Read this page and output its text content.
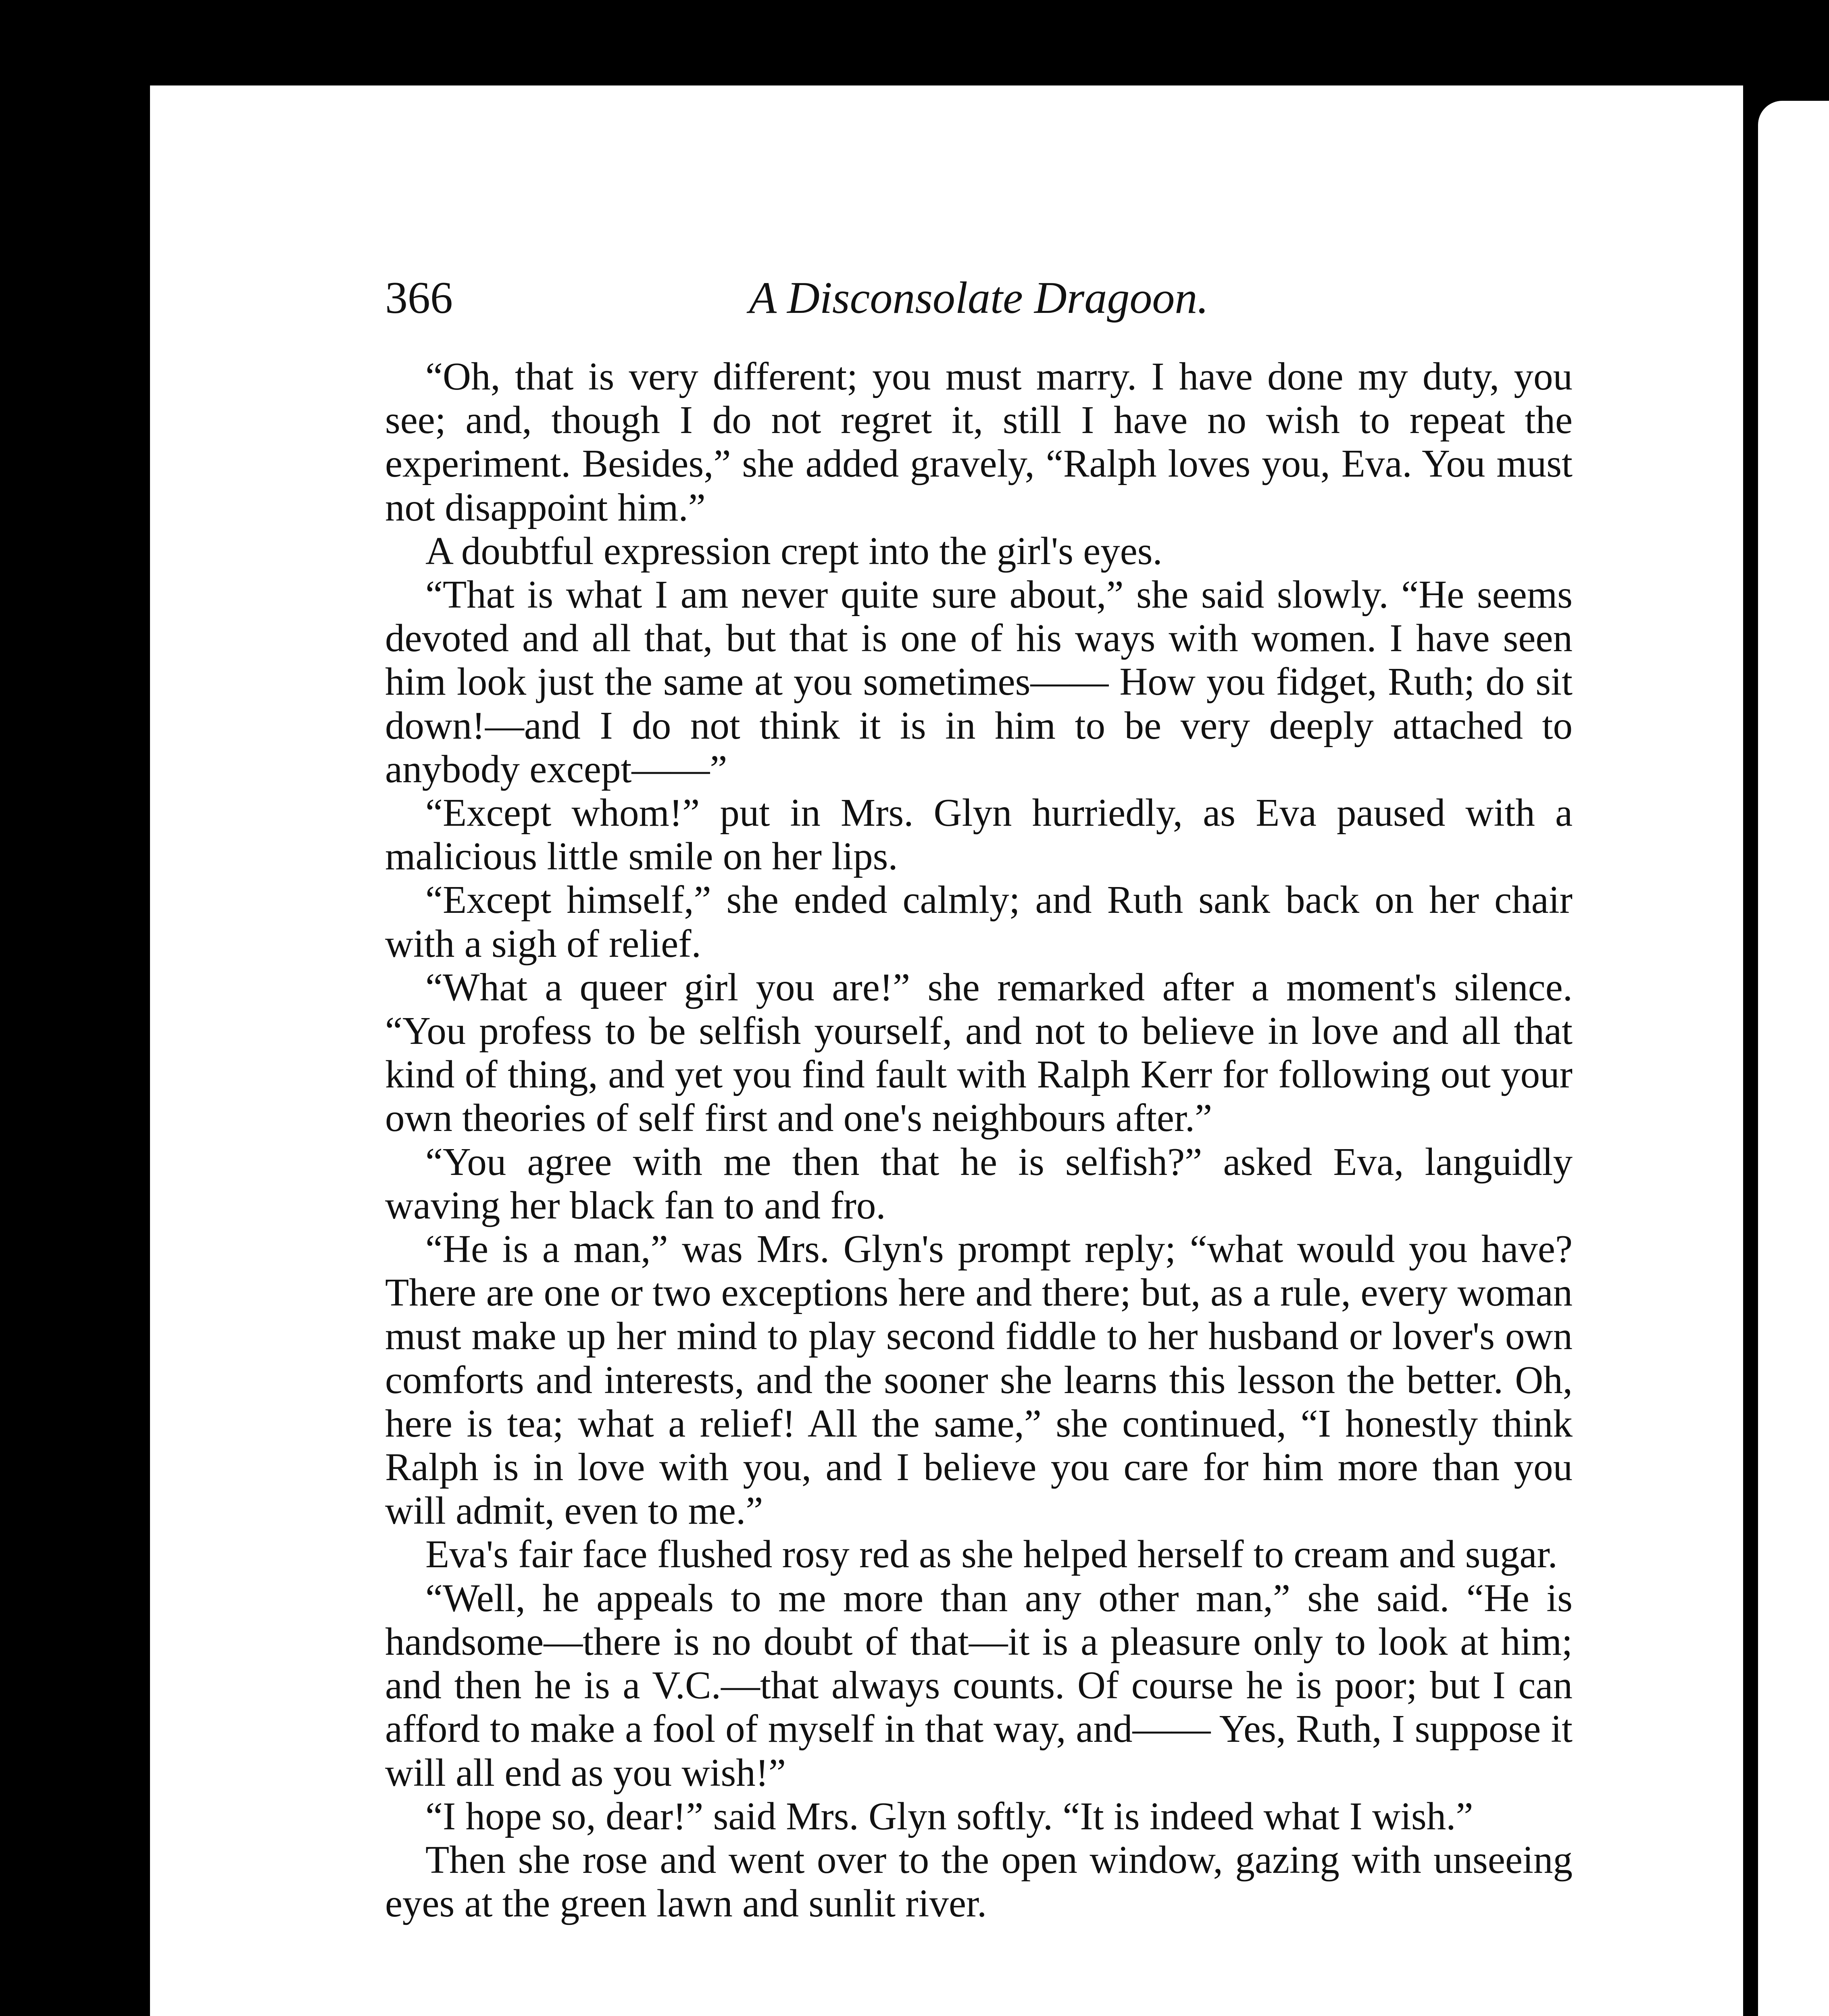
366	A Disconsolate Dragoon.

“Oh, that is very different; you must marry. I have done my duty, you see; and, though I do not regret it, still I have no wish to repeat the experiment. Besides,” she added gravely, “Ralph loves you, Eva. You must not disappoint him.”

A doubtful expression crept into the girl's eyes.

“That is what I am never quite sure about,” she said slowly. “He seems devoted and all that, but that is one of his ways with women. I have seen him look just the same at you sometimes—— How you fidget, Ruth; do sit down!—and I do not think it is in him to be very deeply attached to anybody except——”

“Except whom!” put in Mrs. Glyn hurriedly, as Eva paused with a malicious little smile on her lips.

“Except himself,” she ended calmly; and Ruth sank back on her chair with a sigh of relief.

“What a queer girl you are!” she remarked after a moment's silence. “You profess to be selfish yourself, and not to believe in love and all that kind of thing, and yet you find fault with Ralph Kerr for following out your own theories of self first and one's neighbours after.”

“You agree with me then that he is selfish?” asked Eva, languidly waving her black fan to and fro.

“He is a man,” was Mrs. Glyn's prompt reply; “what would you have? There are one or two exceptions here and there; but, as a rule, every woman must make up her mind to play second fiddle to her husband or lover's own comforts and interests, and the sooner she learns this lesson the better. Oh, here is tea; what a relief! All the same,” she continued, “I honestly think Ralph is in love with you, and I believe you care for him more than you will admit, even to me.”

Eva's fair face flushed rosy red as she helped herself to cream and sugar.

“Well, he appeals to me more than any other man,” she said. “He is handsome—there is no doubt of that—it is a pleasure only to look at him; and then he is a V.C.—that always counts. Of course he is poor; but I can afford to make a fool of myself in that way, and—— Yes, Ruth, I suppose it will all end as you wish!”

“I hope so, dear!” said Mrs. Glyn softly. “It is indeed what I wish.”

Then she rose and went over to the open window, gazing with unseeing eyes at the green lawn and sunlit river.
